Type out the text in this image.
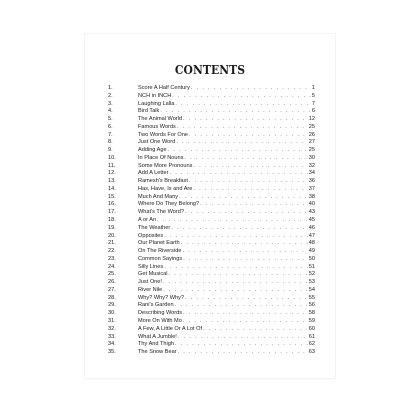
CONTENTS
1.	Score A Half Century . . .	1
2.	NCH in INCH . . .	5
3.	Laughing Lalla . . .	7
4.	Bird Talk . . .	6
5.	The Animal World . . .	12
6.	Famous Words . . .	25
7.	Two Words For One . . .	26
8.	Just One Word . . .	27
9.	Adding Age . . .	25
10.	In Place Of Nouns . . .	30
11.	Some More Pronouns . . .	32
12.	Add A Letter . . .	34
13.	Ramesh's Breakfast . . .	36
14.	Has, Have, Is and Are . . .	37
15.	Much And Many . . .	38
16.	Where Do They Belong? . . .	40
17.	What's The Word? . . .	43
18.	A or An . . .	45
19.	The Weather . . .	46
20.	Opposites . . .	47
21.	Our Planet Earth . . .	48
22.	On The Riverside . . .	49
23.	Common Sayings . . .	50
24.	Silly Lines . . .	51
25.	Get Musical . . .	52
26.	Just One! . . .	53
27.	River Nile . . .	54
28.	Why? Why? Why? . . .	55
29.	Rani's Garden . . .	56
30.	Describing Words . . .	58
31.	More On With Mo . . .	59
32.	A Few, A Little Or A Lot Of . . .	60
33.	What A Jumble! . . .	61
34.	Thy And Thigh . . .	62
35.	The Snow Bear . . .	63
